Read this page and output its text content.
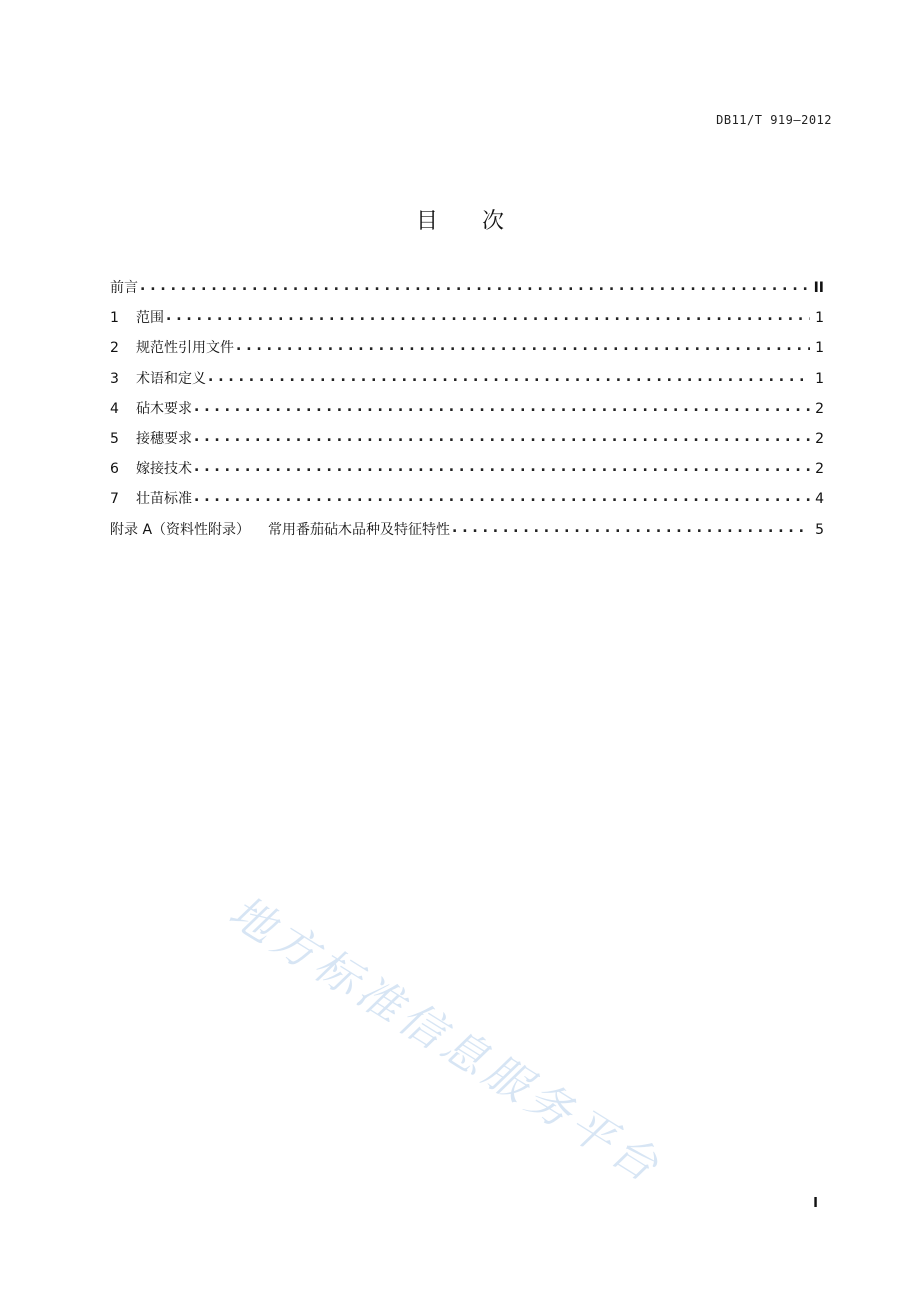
DB11/T 919—2012
目次
前言 . . .	II
1	范围 . . .	1
2	规范性引用文件 . . .	1
3	术语和定义 . . .	1
4	砧木要求 . . .	2
5	接穗要求 . . .	2
6	嫁接技术 . . .	2
7	壮苗标准 . . .	4
附录 A（资料性附录） 常用番茄砧木品种及特征特性 . . .	5
地方标准信息服务平台
I
